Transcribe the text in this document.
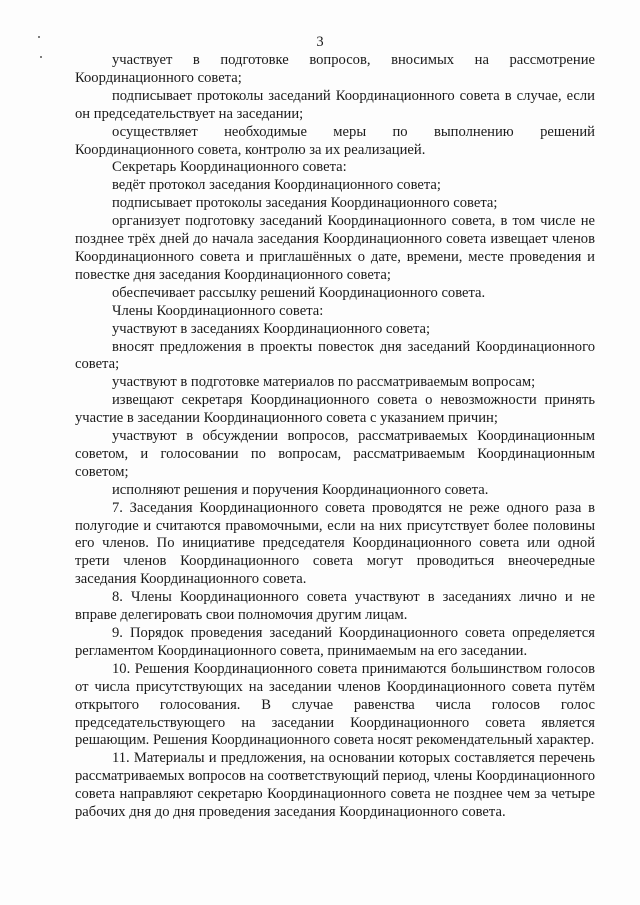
3

участвует в подготовке вопросов, вносимых на рассмотрение Координационного совета;

подписывает протоколы заседаний Координационного совета в случае, если он председательствует на заседании;

осуществляет необходимые меры по выполнению решений Координационного совета, контролю за их реализацией.

Секретарь Координационного совета:

ведёт протокол заседания Координационного совета;

подписывает протоколы заседания Координационного совета;

организует подготовку заседаний Координационного совета, в том числе не позднее трёх дней до начала заседания Координационного совета извещает членов Координационного совета и приглашённых о дате, времени, месте проведения и повестке дня заседания Координационного совета;

обеспечивает рассылку решений Координационного совета.

Члены Координационного совета:

участвуют в заседаниях Координационного совета;

вносят предложения в проекты повесток дня заседаний Координационного совета;

участвуют в подготовке материалов по рассматриваемым вопросам;

извещают секретаря Координационного совета о невозможности принять участие в заседании Координационного совета с указанием причин;

участвуют в обсуждении вопросов, рассматриваемых Координационным советом, и голосовании по вопросам, рассматриваемым Координационным советом;

исполняют решения и поручения Координационного совета.

7. Заседания Координационного совета проводятся не реже одного раза в полугодие и считаются правомочными, если на них присутствует более половины его членов. По инициативе председателя Координационного совета или одной трети членов Координационного совета могут проводиться внеочередные заседания Координационного совета.

8. Члены Координационного совета участвуют в заседаниях лично и не вправе делегировать свои полномочия другим лицам.

9. Порядок проведения заседаний Координационного совета определяется регламентом Координационного совета, принимаемым на его заседании.

10. Решения Координационного совета принимаются большинством голосов от числа присутствующих на заседании членов Координационного совета путём открытого голосования. В случае равенства числа голосов голос председательствующего на заседании Координационного совета является решающим. Решения Координационного совета носят рекомендательный характер.

11. Материалы и предложения, на основании которых составляется перечень рассматриваемых вопросов на соответствующий период, члены Координационного совета направляют секретарю Координационного совета не позднее чем за четыре рабочих дня до дня проведения заседания Координационного совета.
